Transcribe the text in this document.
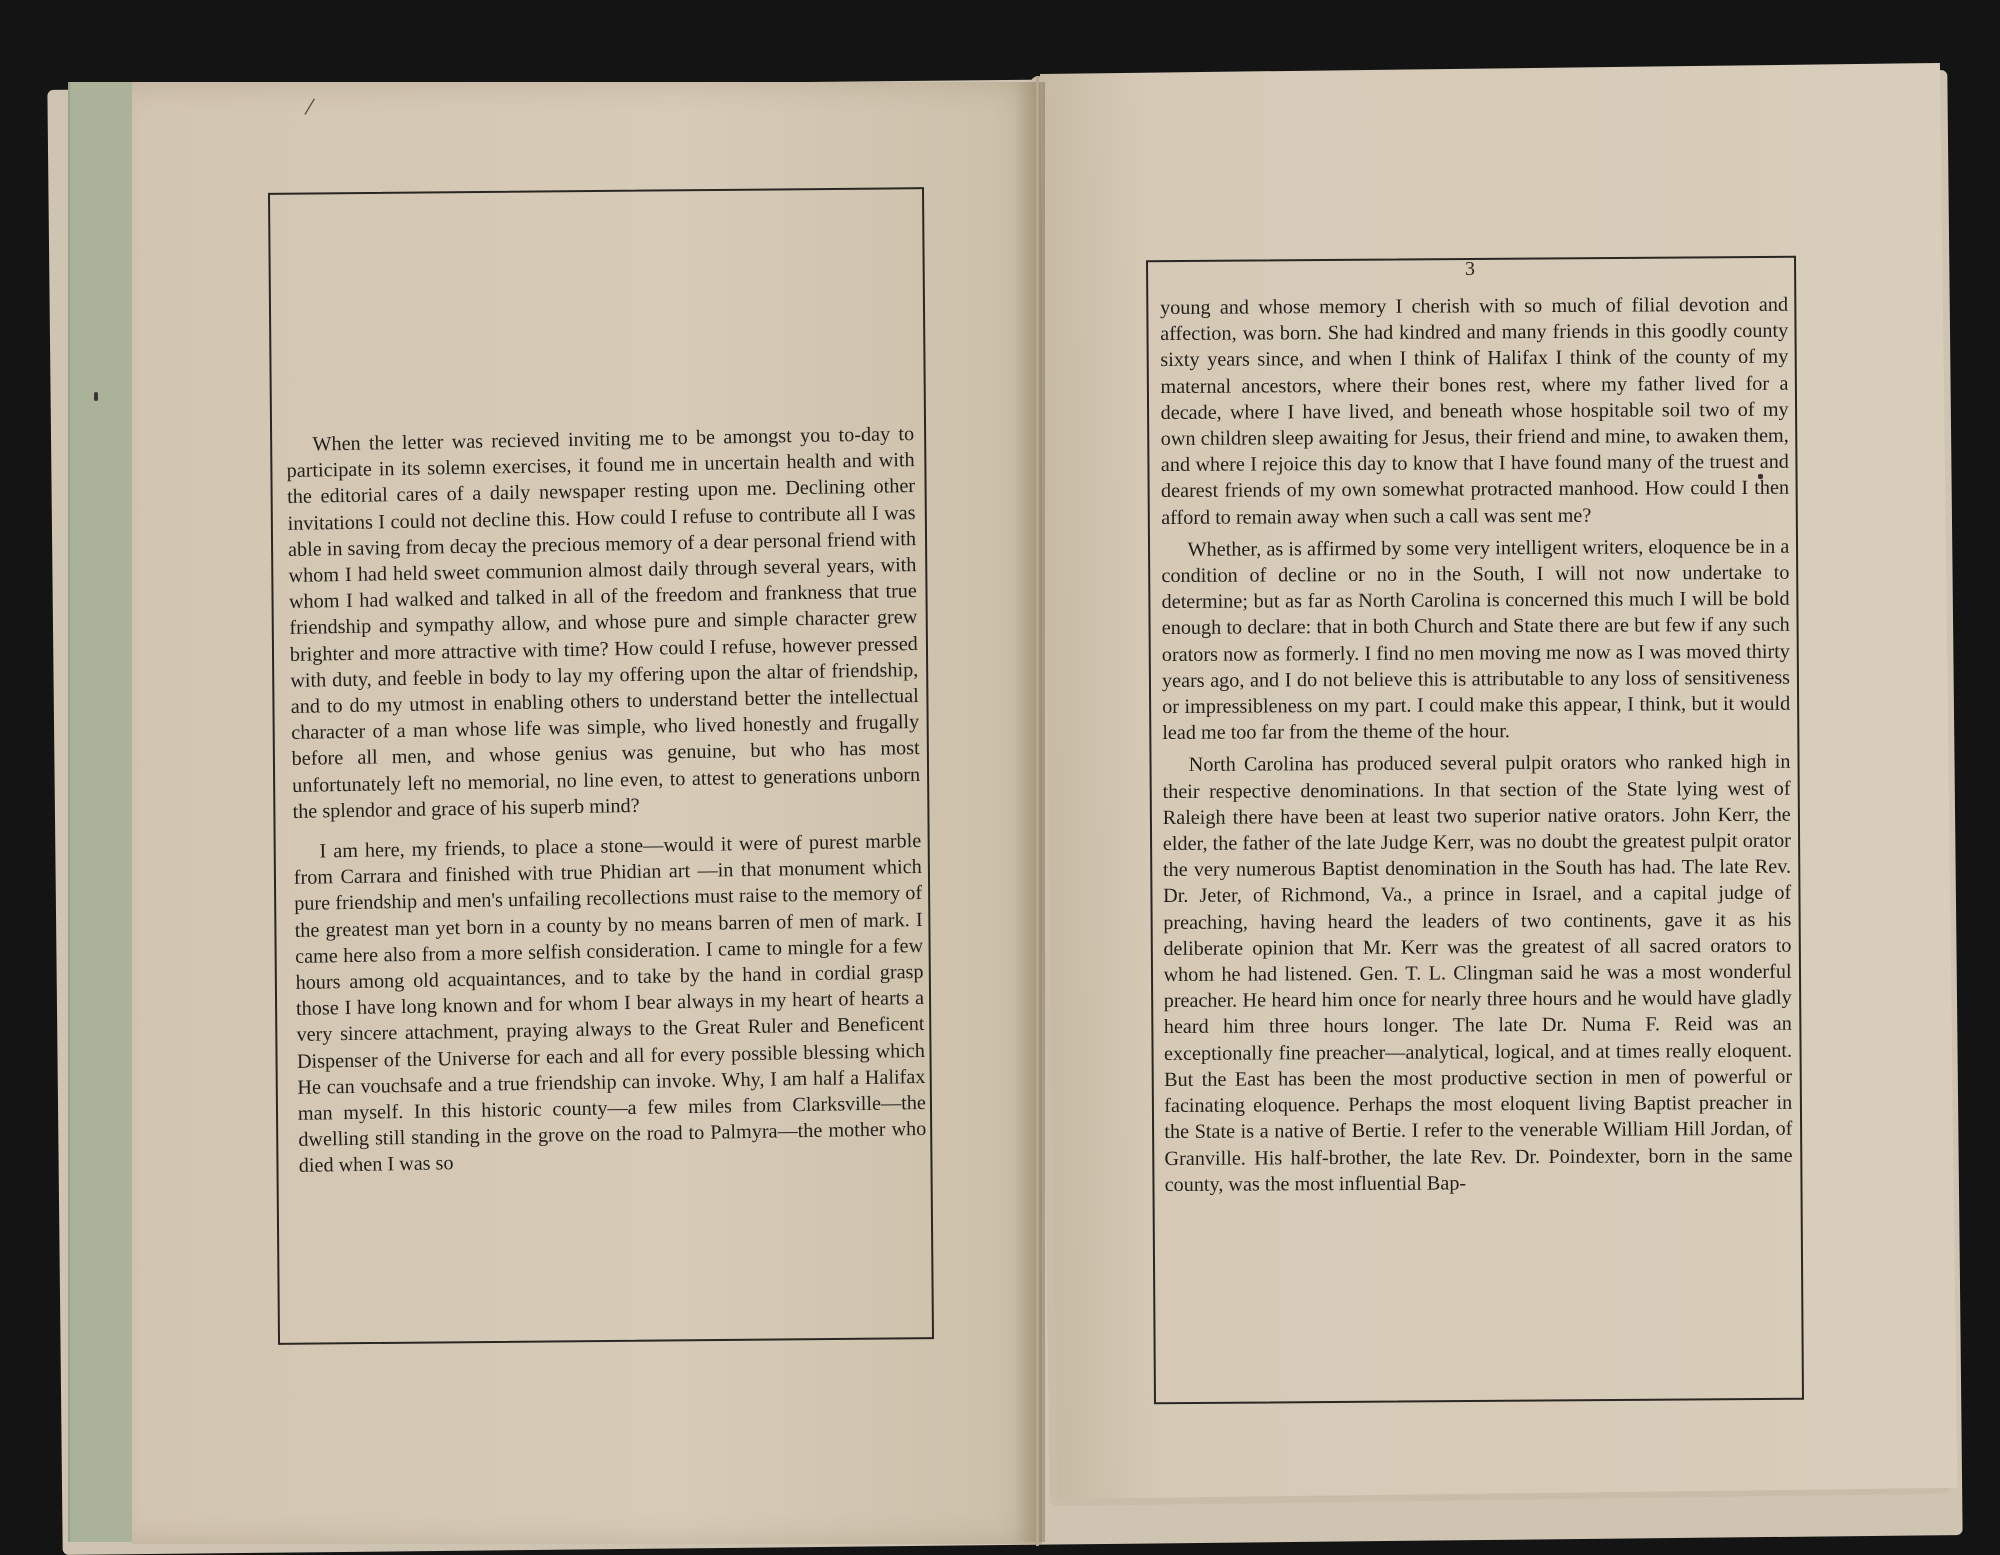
/
3

When the letter was recieved inviting me to be amongst you to-day to participate in its solemn exercises, it found me in uncertain health and with the editorial cares of a daily newspaper resting upon me. Declining other invitations I could not decline this. How could I refuse to contribute all I was able in saving from decay the precious memory of a dear personal friend with whom I had held sweet communion almost daily through several years, with whom I had walked and talked in all of the freedom and frankness that true friendship and sympathy allow, and whose pure and simple character grew brighter and more attractive with time? How could I refuse, however pressed with duty, and feeble in body to lay my offering upon the altar of friendship, and to do my utmost in enabling others to understand better the intellectual character of a man whose life was simple, who lived honestly and frugally before all men, and whose genius was genuine, but who has most unfortunately left no memorial, no line even, to attest to generations unborn the splendor and grace of his superb mind?

I am here, my friends, to place a stone—would it were of purest marble from Carrara and finished with true Phidian art —in that monument which pure friendship and men's unfailing recollections must raise to the memory of the greatest man yet born in a county by no means barren of men of mark. I came here also from a more selfish consideration. I came to mingle for a few hours among old acquaintances, and to take by the hand in cordial grasp those I have long known and for whom I bear always in my heart of hearts a very sincere attachment, praying always to the Great Ruler and Beneficent Dispenser of the Universe for each and all for every possible blessing which He can vouchsafe and a true friendship can invoke. Why, I am half a Halifax man myself. In this historic county—a few miles from Clarksville—the dwelling still standing in the grove on the road to Palmyra—the mother who died when I was so

young and whose memory I cherish with so much of filial devotion and affection, was born. She had kindred and many friends in this goodly county sixty years since, and when I think of Halifax I think of the county of my maternal ancestors, where their bones rest, where my father lived for a decade, where I have lived, and beneath whose hospitable soil two of my own children sleep awaiting for Jesus, their friend and mine, to awaken them, and where I rejoice this day to know that I have found many of the truest and dearest friends of my own somewhat protracted manhood. How could I then afford to remain away when such a call was sent me?

Whether, as is affirmed by some very intelligent writers, eloquence be in a condition of decline or no in the South, I will not now undertake to determine; but as far as North Carolina is concerned this much I will be bold enough to declare: that in both Church and State there are but few if any such orators now as formerly. I find no men moving me now as I was moved thirty years ago, and I do not believe this is attributable to any loss of sensitiveness or impressibleness on my part. I could make this appear, I think, but it would lead me too far from the theme of the hour.

North Carolina has produced several pulpit orators who ranked high in their respective denominations. In that section of the State lying west of Raleigh there have been at least two superior native orators. John Kerr, the elder, the father of the late Judge Kerr, was no doubt the greatest pulpit orator the very numerous Baptist denomination in the South has had. The late Rev. Dr. Jeter, of Richmond, Va., a prince in Israel, and a capital judge of preaching, having heard the leaders of two continents, gave it as his deliberate opinion that Mr. Kerr was the greatest of all sacred orators to whom he had listened. Gen. T. L. Clingman said he was a most wonderful preacher. He heard him once for nearly three hours and he would have gladly heard him three hours longer. The late Dr. Numa F. Reid was an exceptionally fine preacher—analytical, logical, and at times really eloquent. But the East has been the most productive section in men of powerful or facinating eloquence. Perhaps the most eloquent living Baptist preacher in the State is a native of Bertie. I refer to the venerable William Hill Jordan, of Granville. His half-brother, the late Rev. Dr. Poindexter, born in the same county, was the most influential Bap-
